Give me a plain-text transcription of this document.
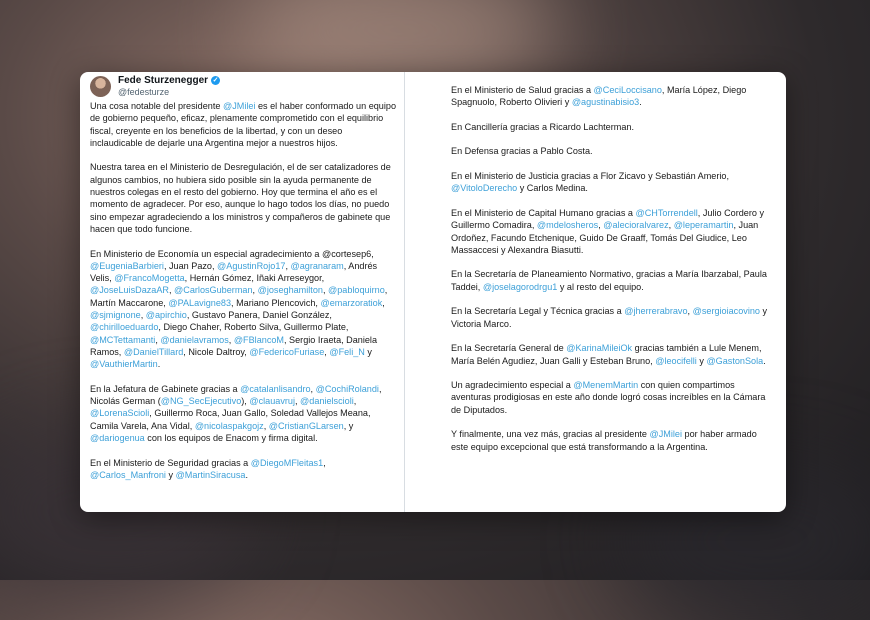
Fede Sturzenegger ✓
@fedesturze

Una cosa notable del presidente @JMilei es el haber conformado un equipo de gobierno pequeño, eficaz, plenamente comprometido con el equilibrio fiscal, creyente en los beneficios de la libertad, y con un deseo inclaudicable de dejarle una Argentina mejor a nuestros hijos.

Nuestra tarea en el Ministerio de Desregulación, el de ser catalizadores de algunos cambios, no hubiera sido posible sin la ayuda permanente de nuestros colegas en el resto del gobierno. Hoy que termina el año es el momento de agradecer. Por eso, aunque lo hago todos los días, no puedo sino empezar agradeciendo a los ministros y compañeros de gabinete que hacen que todo funcione.

En Ministerio de Economía un especial agradecimiento a @cortesep6, @EugeniaBarbieri, Juan Pazo, @AgustinRojo17, @agranaram, Andrés Velis, @FrancoMogetta, Hernán Gómez, Iñaki Arreseygor, @JoseLuisDazaAR, @CarlosGuberman, @joseghamilton, @pabloquirno, Martín Maccarone, @PALavigne83, Mariano Plencovich, @emarzoratiok, @sjmignone, @apirchio, Gustavo Panera, Daniel González, @chirilloeduardo, Diego Chaher, Roberto Silva, Guillermo Plate, @MCTettamanti, @danielavramos, @FBlancoM, Sergio Iraeta, Daniela Ramos, @DanielTillard, Nicole Daltroy, @FedericoFuriase, @Feli_N y @VauthierMartin.

En la Jefatura de Gabinete gracias a @catalanlisandro, @CochiRolandi, Nicolás German (@NG_SecEjecutivo), @clauavruj, @danielscioli, @LorenaScioli, Guillermo Roca, Juan Gallo, Soledad Vallejos Meana, Camila Varela, Ana Vidal, @nicolaspakgojz, @CristianGLarsen, y @dariogenua con los equipos de Enacom y firma digital.

En el Ministerio de Seguridad gracias a @DiegoMFleitas1, @Carlos_Manfroni y @MartinSiracusa.

En el Ministerio de Salud gracias a @CeciLoccisano, María López, Diego Spagnuolo, Roberto Olivieri y @agustinabisio3.

En Cancillería gracias a Ricardo Lachterman.

En Defensa gracias a Pablo Costa.

En el Ministerio de Justicia gracias a Flor Zicavo y Sebastián Amerio, @VitoloDerecho y Carlos Medina.

En el Ministerio de Capital Humano gracias a @CHTorrendell, Julio Cordero y Guillermo Comadira, @mdelosheros, @alecioralvarez, @leperamartin, Juan Ordoñez, Facundo Etchenique, Guido De Graaff, Tomás Del Giudice, Leo Massaccesi y Alexandra Biasutti.

En la Secretaría de Planeamiento Normativo, gracias a María Ibarzabal, Paula Taddei, @joselagorodrgu1 y al resto del equipo.

En la Secretaría Legal y Técnica gracias a @jherrerabravo, @sergioiacovino y Victoria Marco.

En la Secretaría General de @KarinaMileiOk gracias también a Lule Menem, María Belén Agudiez, Juan Galli y Esteban Bruno, @leocifelli y @GastonSola.

Un agradecimiento especial a @MenemMartin con quien compartimos aventuras prodigiosas en este año donde logró cosas increíbles en la Cámara de Diputados.

Y finalmente, una vez más, gracias al presidente @JMilei por haber armado este equipo excepcional que está transformando a la Argentina.
